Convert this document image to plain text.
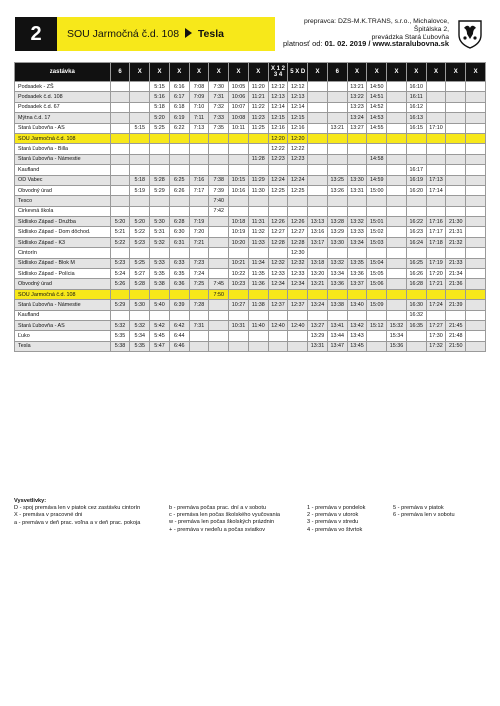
2	SOU Jarmočná č.d. 108 Tesla
prepravca: DZS-M.K.TRANS, s.r.o., Michalovce, Špitálska 2,
prevádzka Stará Ľubovňa
platnosť od: 01. 02. 2019 / www.staralubovna.sk
zastávka	6	X	X	X	X	X	X	X	X 1 2
3 4	5 X D	X	6	X	X	X	X	X	X	X
Podsadek - ZŠ			5:15	6:16	7:08	7:30	10:05	11:20	12:12	12:12			13:21	14:50		16:10			
Podsadek č.d. 108			5:16	6:17	7:09	7:31	10:06	11:21	12:13	12:13			13:22	14:51		16:11			
Podsadek č.d. 67			5:18	6:18	7:10	7:32	10:07	11:22	12:14	12:14			13:23	14:52		16:12			
Mýtna č.d. 17			5:20	6:19	7:11	7:33	10:08	11:23	12:15	12:15			13:24	14:53		16:13			
Stará Ľubovňa - AS		5:15	5:25	6:22	7:13	7:35	10:11	11:25	12:16	12:16		13:21	13:27	14:55		16:15	17:10		
SOU Jarmočná č.d. 108									12:20	12:20									
Stará Ľubovňa - Billa									12:22	12:22									
Stará Ľubovňa - Námestie								11:28	12:23	12:23				14:58					
Kaufland																16:17			
OD Vabec		5:18	5:28	6:25	7:16	7:38	10:15	11:29	12:24	12:24		13:25	13:30	14:59		16:19	17:13		
Obvodný úrad		5:19	5:29	6:26	7:17	7:39	10:16	11:30	12:25	12:25		13:26	13:31	15:00		16:20	17:14		
Tesco						7:40													
Cirkevná škola						7:42													
Sídlisko Západ - Družba	5:20	5:20	5:30	6:28	7:19		10:18	11:31	12:26	12:26	13:13	13:28	13:32	15:01		16:22	17:16	21:30	
Sídlisko Západ - Dom dôchod.	5:21	5:22	5:31	6:30	7:20		10:19	11:32	12:27	12:27	13:16	13:29	13:33	15:02		16:23	17:17	21:31	
Sídlisko Západ - K3	5:22	5:23	5:32	6:31	7:21		10:20	11:33	12:28	12:28	13:17	13:30	13:34	15:03		16:24	17:18	21:32	
Cintorín										12:30									
Sídlisko Západ - Blok M	5:23	5:25	5:33	6:33	7:23		10:21	11:34	12:32	12:32	13:18	13:32	13:35	15:04		16:25	17:19	21:33	
Sídlisko Západ - Polícia	5:24	5:27	5:35	6:35	7:24		10:22	11:35	12:33	12:33	13:20	13:34	13:36	15:05		16:26	17:20	21:34	
Obvodný úrad	5:26	5:28	5:38	6:36	7:25	7:45	10:23	11:36	12:34	12:34	13:21	13:36	13:37	15:06		16:28	17:21	21:36	
SOU Jarmočná č.d. 108						7:50													
Stará Ľubovňa - Námestie	5:29	5:30	5:40	6:39	7:28		10:27	11:38	12:37	12:37	13:24	13:38	13:40	15:09		16:30	17:24	21:39	
Kaufland																16:32			
Stará Ľubovňa - AS	5:32	5:32	5:42	6:42	7:31		10:31	11:40	12:40	12:40	13:27	13:41	13:42	15:12	15:32	16:35	17:27	21:45	
Ľuko	5:35	5:34	5:45	6:44							13:29	13:44	13:43		15:34		17:30	21:48	
Tesla	5:38	5:35	5:47	6:46							13:31	13:47	13:45		15:36		17:32	21:50	
Vysvetlivky:
D - spoj premáva len v piatok cez zastávku cintorín
X - premáva v pracovné dni
a - premáva v deň prac. voľna a v deň prac. pokoja
b - premáva počas prac. dní a v sobotu
c - premáva len počas školského vyučovania
w - premáva len počas školských prázdnin
+ - premáva v nedeľu a počas sviatkov
1 - premáva v pondelok
2 - premáva v utorok
3 - premáva v stredu
4 - premáva vo štvrtok
5 - premáva v piatok
6 - premáva len v sobotu
